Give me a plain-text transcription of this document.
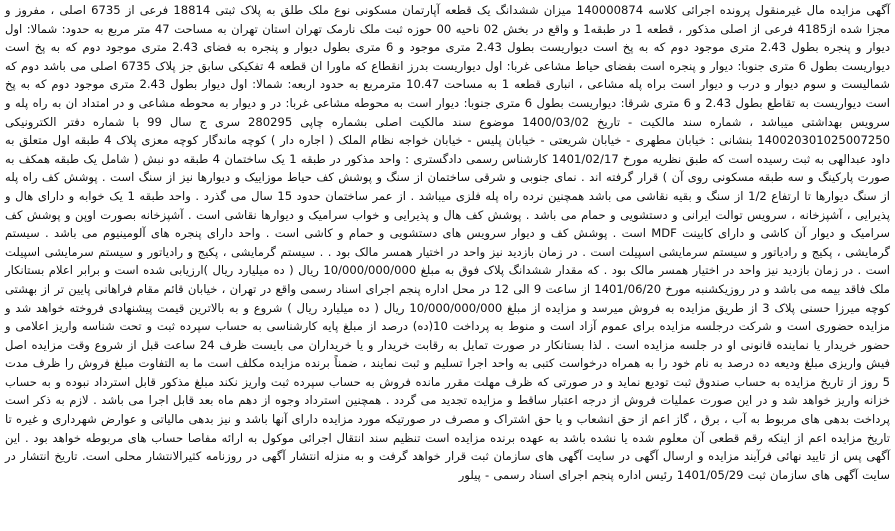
آگهی مزایده مال غیرمنقول پرونده اجرائی کلاسه 140000874 میزان ششدانگ یک قطعه آپارتمان مسکونی نوع ملک طلق به پلاک ثبتی 18814 فرعی از 6735 اصلی ، مفروز و مجزا شده از4185 فرعی از اصلی مذکور ، قطعه 1 در طبقه1 و واقع در بخش 02 ناحیه 00 حوزه ثبت ملک نارمک تهران استان تهران به مساحت 47 متر مربع به حدود: شمالا: اول دیوار و پنجره بطول 2.43 متری موجود دوم که به پخ است دیواریست بطول 2.43 متری موجود و 6 متری بطول دیوار و پنجره به فضای 2.43 متری موجود دوم که به پخ است دیواریست بطول 6 متری جنوبا: دیوار و پنجره است بفضای حیاط مشاعی غربا: اول دیواریست بدرز انقطاع که ماورا ان قطعه 4 تفکیکی سابق جز پلاک 6735 اصلی می باشد دوم که شمالیست و سوم دیوار و درب و دیوار است براه پله مشاعی ، انباری قطعه 1 به مساحت 10.47 مترمربع به حدود اربعه: شمالا: اول دیوار بطول 2.43 متری موجود دوم که به پخ است دیواریست به تقاطع بطول 2.43 و 6 متری شرقا: دیواریست بطول 6 متری جنوبا: دیوار است به محوطه مشاعی غربا: در و دیوار به محوطه مشاعی و در امتداد ان به راه پله و سرویس بهداشتی میباشد ، شماره سند مالکیت - تاریخ 1400/03/02 موضوع سند مالکیت اصلی بشماره چاپی 280295 سری ج سال 99 با شماره دفتر الکترونیکی 140020301025007250 بنشانی : خیابان مطهری - خیابان شریعتی - خیابان پلیس - خیابان خواجه نظام الملک ( اجاره دار ) کوچه ماندگار کوچه معزی پلاک 4 طبقه اول متعلق به داود عبدالهی به ثبت رسیده است که طبق نظریه مورخ 1401/02/17 کارشناس رسمی دادگستری : واحد مذکور در طبقه 1 یک ساختمان 4 طبقه دو نبش ( شامل یک طبقه همکف به صورت پارکینگ و سه طبقه مسکونی روی آن ) قرار گرفته اند . نمای جنوبی و شرقی ساختمان از سنگ و پوشش کف حیاط موزاییک و دیوارها نیز از سنگ است . پوشش کف راه پله از سنگ دیوارها تا ارتفاع 1/2 از سنگ و بقیه نقاشی می باشد همچنین نرده راه پله فلزی میباشد . از عمر ساختمان حدود 15 سال می گذرد . واحد طبقه 1 یک خوابه و دارای هال و پذیرایی ، آشپزخانه ، سرویس توالت ایرانی و دستشویی و حمام می باشد . پوشش کف هال و پذیرایی و خواب سرامیک و دیوارها نقاشی است . آشپزخانه بصورت اوپن و پوشش کف سرامیک و دیوار آن کاشی و دارای کابینت MDF است . پوشش کف و دیوار سرویس های دستشویی و حمام و کاشی است . واحد دارای پنجره های آلومینیوم می باشد . سیستم گرمایشی ، پکیج و رادیاتور و سیستم سرمایشی اسپیلت است . در زمان بازدید نیز واحد در اختیار همسر مالک بود . . سیستم گرمایشی ، پکیج و رادیاتور و سیستم سرمایشی اسپیلت است . در زمان بازدید نیز واحد در اختیار همسر مالک بود . که مقدار ششدانگ پلاک فوق به مبلغ 10/000/000/000 ریال ( ده میلیارد ریال )ارزیابی شده است و برابر اعلام بستانکار ملک فاقد بیمه می باشد و در روزیکشنبه مورخ 1401/06/20 از ساعت 9 الی 12 در محل اداره پنجم اجرای اسناد رسمی واقع در تهران ، خیابان قائم مقام فراهانی پایین تر از بهشتی کوچه میرزا حسنی پلاک 3 از طریق مزایده به فروش میرسد و مزایده از مبلغ 10/000/000/000 ریال ( ده میلیارد ریال ) شروع و به بالاترین قیمت پیشنهادی فروخته خواهد شد و مزایده حضوری است و شرکت درجلسه مزایده برای عموم آزاد است و منوط به پرداخت 10(ده) درصد از مبلغ پایه کارشناسی به حساب سپرده ثبت و تحت شناسه واریز اعلامی و حضور خریدار یا نماینده قانونی او در جلسه مزایده است . لذا بستانکار در صورت تمایل به رقابت خریدار و یا خریداران می بایست ظرف 24 ساعت قبل از شروع وقت مزایده اصل فیش واریزی مبلغ ودیعه ده درصد به نام خود را به همراه درخواست کتبی به واحد اجرا تسلیم و ثبت نمایند ، ضمناً برنده مزایده مکلف است ما به التفاوت مبلغ فروش را ظرف مدت 5 روز از تاریخ مزایده به حساب صندوق ثبت تودیع نماید و در صورتی که ظرف مهلت مقرر مانده فروش به حساب سپرده ثبت واریز نکند مبلغ مذکور قابل استرداد نبوده و به حساب خزانه واریز خواهد شد و در این صورت عملیات فروش از درجه اعتبار ساقط و مزایده تجدید می گردد . همچنین استرداد وجوه از دهم ماه بعد قابل اجرا می باشد . لازم به ذکر است پرداخت بدهی های مربوط به آب ، برق ، گاز اعم از حق انشعاب و یا حق اشتراک و مصرف در صورتیکه مورد مزایده دارای آنها باشد و نیز بدهی مالیاتی و عوارض شهرداری و غیره تا تاریخ مزایده اعم از اینکه رقم قطعی آن معلوم شده یا نشده باشد به عهده برنده مزایده است تنظیم سند انتقال اجرائی موکول به ارائه مفاصا حساب های مربوطه خواهد بود . این آگهی پس از تایید نهائی فرآیند مزایده و ارسال آگهی در سایت آگهی های سازمان ثبت قرار خواهد گرفت و به منزله انتشار آگهی در روزنامه کثیرالانتشار محلی است. تاریخ انتشار در سایت آگهی های سازمان ثبت 1401/05/29 رئیس اداره پنجم اجرای اسناد رسمی - پیلور
